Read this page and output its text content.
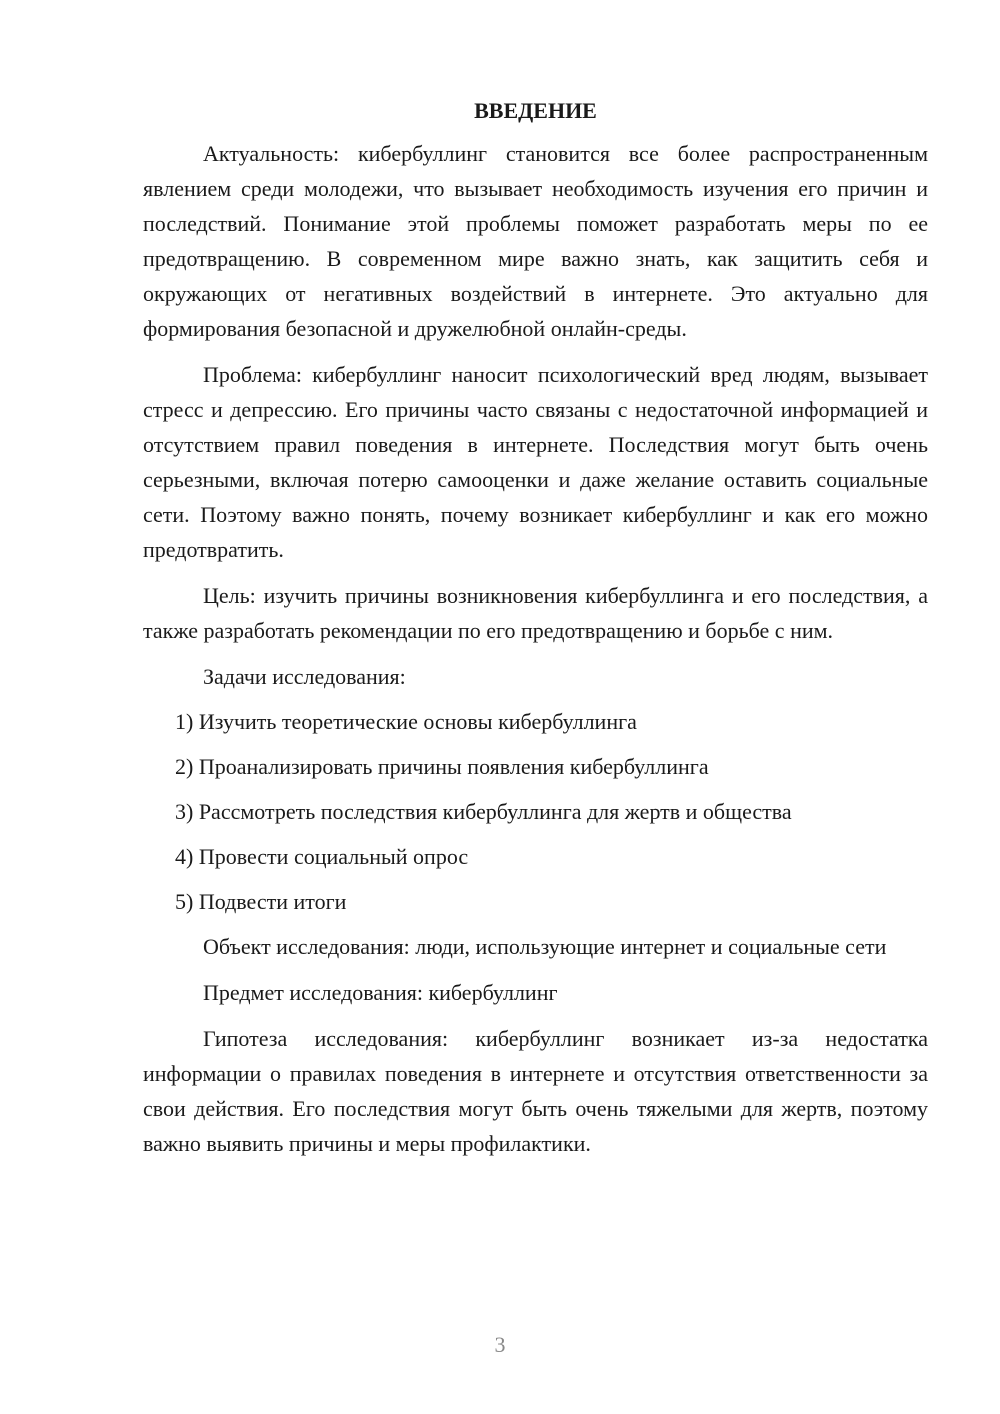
ВВЕДЕНИЕ

Актуальность: кибербуллинг становится все более распространенным явлением среди молодежи, что вызывает необходимость изучения его причин и последствий. Понимание этой проблемы поможет разработать меры по ее предотвращению. В современном мире важно знать, как защитить себя и окружающих от негативных воздействий в интернете. Это актуально для формирования безопасной и дружелюбной онлайн-среды.

Проблема: кибербуллинг наносит психологический вред людям, вызывает стресс и депрессию. Его причины часто связаны с недостаточной информацией и отсутствием правил поведения в интернете. Последствия могут быть очень серьезными, включая потерю самооценки и даже желание оставить социальные сети. Поэтому важно понять, почему возникает кибербуллинг и как его можно предотвратить.

Цель: изучить причины возникновения кибербуллинга и его последствия, а также разработать рекомендации по его предотвращению и борьбе с ним.

Задачи исследования:

1) Изучить теоретические основы кибербуллинга
2) Проанализировать причины появления кибербуллинга
3) Рассмотреть последствия кибербуллинга для жертв и общества
4) Провести социальный опрос
5) Подвести итоги

Объект исследования: люди, использующие интернет и социальные сети

Предмет исследования: кибербуллинг

Гипотеза исследования: кибербуллинг возникает из-за недостатка информации о правилах поведения в интернете и отсутствия ответственности за свои действия. Его последствия могут быть очень тяжелыми для жертв, поэтому важно выявить причины и меры профилактики.

3
